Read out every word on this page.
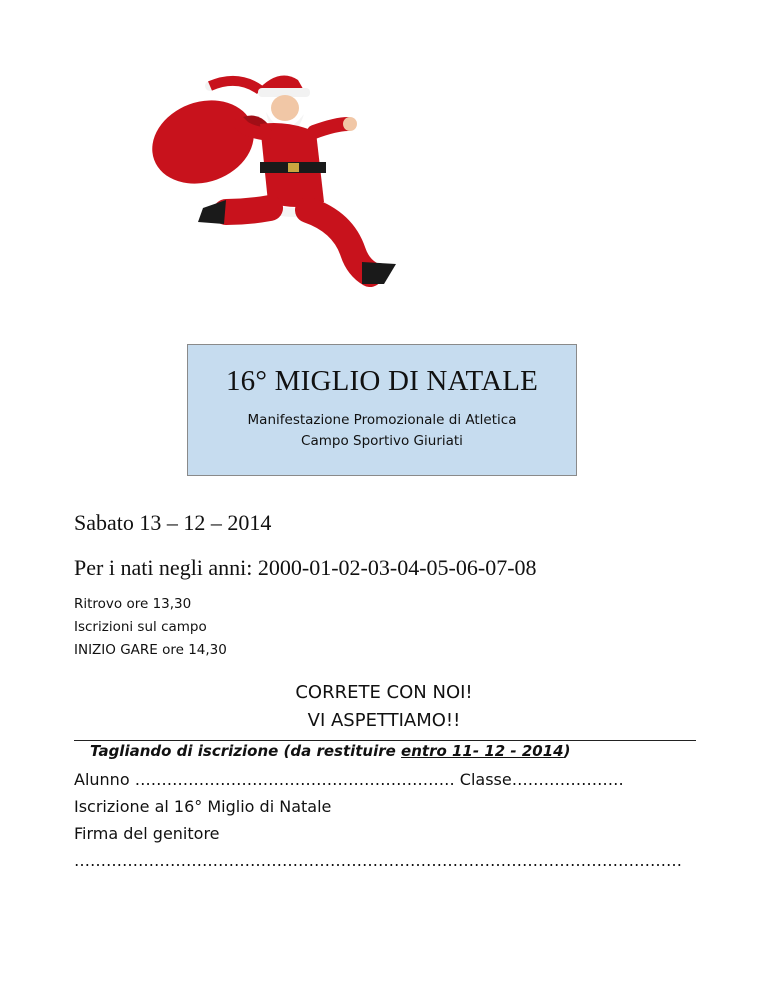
16° MIGLIO DI NATALE
Manifestazione Promozionale di Atletica
Campo Sportivo Giuriati
Sabato 13 – 12 – 2014
Per i nati negli anni: 2000-01-02-03-04-05-06-07-08
Ritrovo ore 13,30
Iscrizioni sul campo
INIZIO GARE ore 14,30
CORRETE CON NOI!
VI ASPETTIAMO!!
Tagliando di iscrizione (da restituire entro 11- 12 - 2014)
Alunno …………………………………………………… Classe…………………
Iscrizione al 16° Miglio di Natale
Firma del genitore
……………………………………………………………………………………………………
